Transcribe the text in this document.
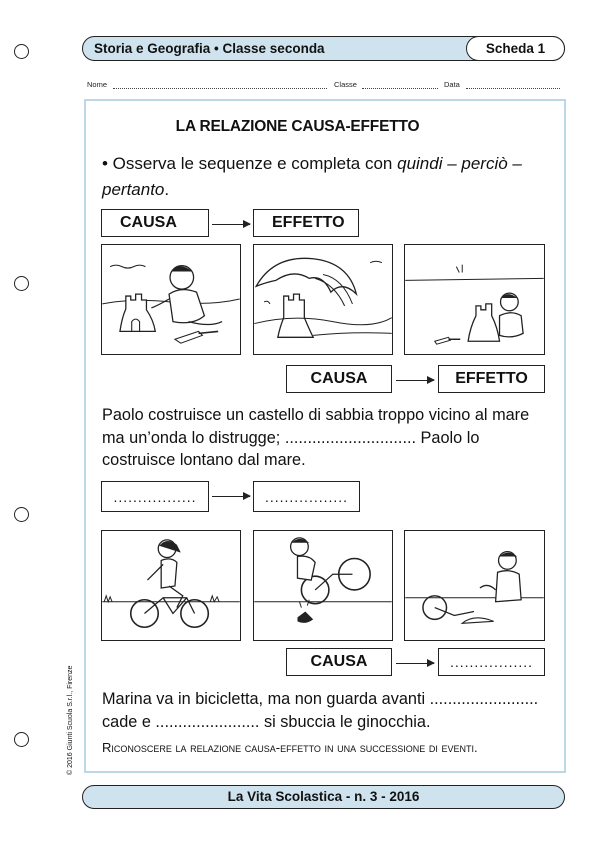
Storia e Geografia • Classe seconda	Scheda 1
Nome	Classe	Data
LA RELAZIONE CAUSA-EFFETTO
• Osserva le sequenze e completa con quindi – perciò – pertanto.
CAUSA	EFFETTO
CAUSA	EFFETTO
Paolo costruisce un castello di sabbia troppo vicino al mare ma un’onda lo distrugge; ............................. Paolo lo costruisce lontano dal mare.
.................	.................
CAUSA	.................
Marina va in bicicletta, ma non guarda avanti ........................ cade e ....................... si sbuccia le ginocchia.
Riconoscere la relazione causa-effetto in una successione di eventi.
La Vita Scolastica - n. 3 - 2016
© 2016 Giunti Scuola S.r.l., Firenze
